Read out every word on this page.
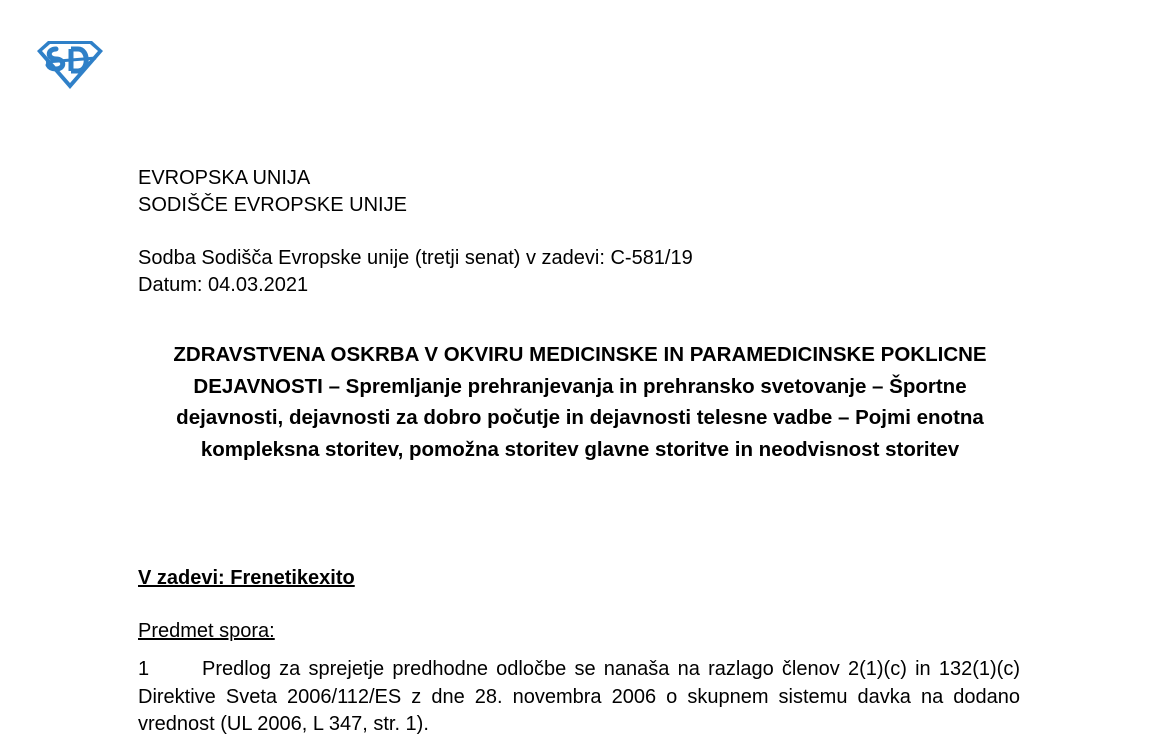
EVROPSKA UNIJA
SODIŠČE EVROPSKE UNIJE
Sodba Sodišča Evropske unije (tretji senat) v zadevi: C-581/19
Datum: 04.03.2021
ZDRAVSTVENA OSKRBA V OKVIRU MEDICINSKE IN PARAMEDICINSKE POKLICNE DEJAVNOSTI – Spremljanje prehranjevanja in prehransko svetovanje – Športne dejavnosti, dejavnosti za dobro počutje in dejavnosti telesne vadbe – Pojmi enotna kompleksna storitev, pomožna storitev glavne storitve in neodvisnost storitev
V zadevi: Frenetikexito
Predmet spora:
1	Predlog za sprejetje predhodne odločbe se nanaša na razlago členov 2(1)(c) in 132(1)(c) Direktive Sveta 2006/112/ES z dne 28. novembra 2006 o skupnem sistemu davka na dodano vrednost (UL 2006, L 347, str. 1).
